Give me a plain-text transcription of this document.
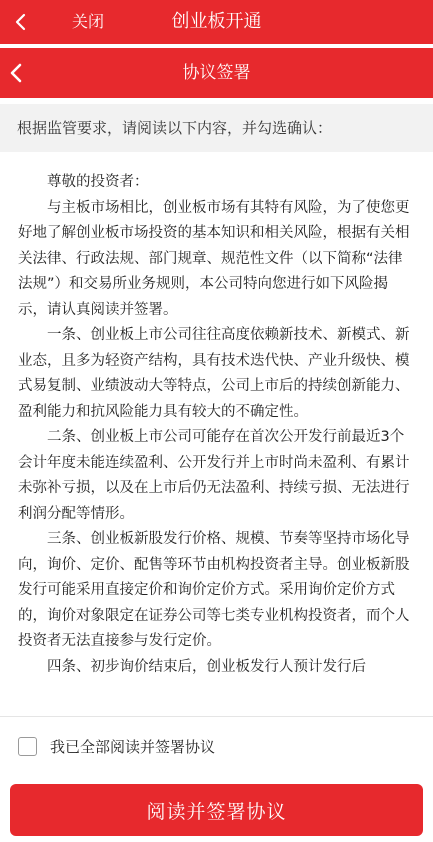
关闭	创业板开通
协议签署
根据监管要求，请阅读以下内容，并勾选确认：

尊敬的投资者：

与主板市场相比，创业板市场有其特有风险，为了使您更好地了解创业板市场投资的基本知识和相关风险，根据有关相关法律、行政法规、部门规章、规范性文件（以下简称“法律法规”）和交易所业务规则，本公司特向您进行如下风险揭示，请认真阅读并签署。

一条、创业板上市公司往往高度依赖新技术、新模式、新业态，且多为轻资产结构，具有技术迭代快、产业升级快、模式易复制、业绩波动大等特点，公司上市后的持续创新能力、盈利能力和抗风险能力具有较大的不确定性。

二条、创业板上市公司可能存在首次公开发行前最近3个会计年度未能连续盈利、公开发行并上市时尚未盈利、有累计未弥补亏损，以及在上市后仍无法盈利、持续亏损、无法进行利润分配等情形。

三条、创业板新股发行价格、规模、节奏等坚持市场化导向，询价、定价、配售等环节由机构投资者主导。创业板新股发行可能采用直接定价和询价定价方式。采用询价定价方式的，询价对象限定在证券公司等七类专业机构投资者，而个人投资者无法直接参与发行定价。

四条、初步询价结束后，创业板发行人预计发行后

我已全部阅读并签署协议
阅读并签署协议
